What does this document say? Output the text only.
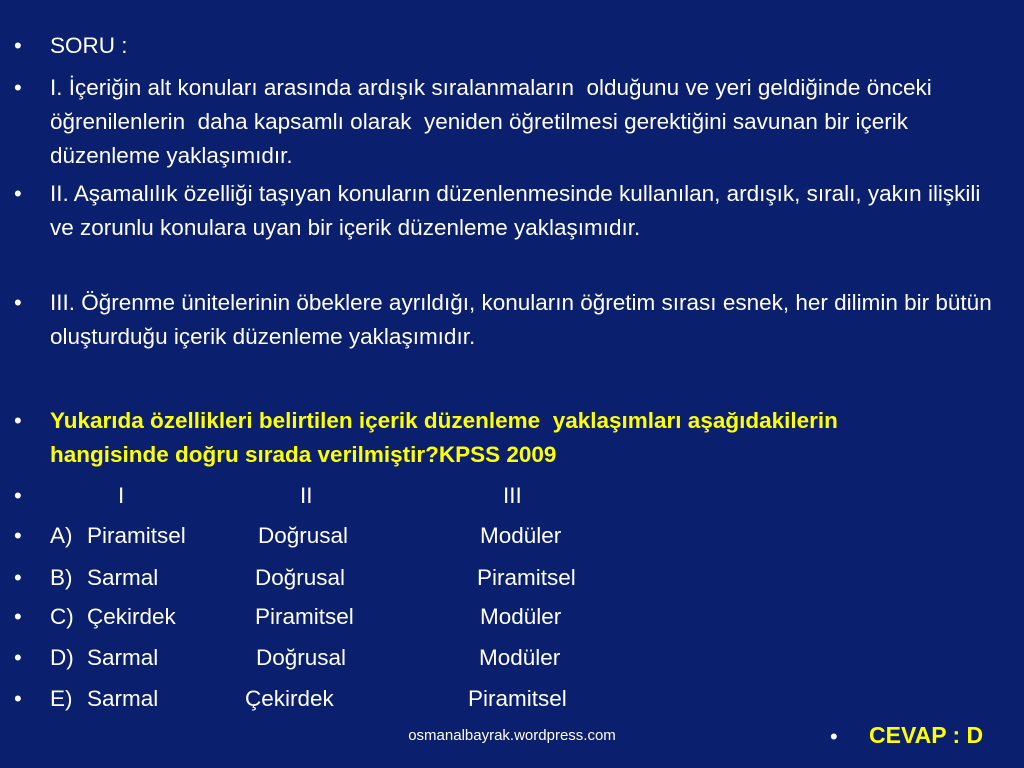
• SORU :
• I. İçeriğin alt konuları arasında ardışık sıralanmaların  olduğunu ve yeri geldiğinde önceki öğrenilenlerin  daha kapsamlı olarak  yeniden öğretilmesi gerektiğini savunan bir içerik düzenleme yaklaşımıdır.
• II. Aşamalılık özelliği taşıyan konuların düzenlenmesinde kullanılan, ardışık, sıralı, yakın ilişkili ve zorunlu konulara uyan bir içerik düzenleme yaklaşımıdır.
• III. Öğrenme ünitelerinin öbeklere ayrıldığı, konuların öğretim sırası esnek, her dilimin bir bütün oluşturduğu içerik düzenleme yaklaşımıdır.
• Yukarıda özellikleri belirtilen içerik düzenleme  yaklaşımları aşağıdakilerin hangisinde doğru sırada verilmiştir?KPSS 2009
•	I	II	III
• A) Piramitsel	Doğrusal	Modüler
• B) Sarmal	Doğrusal	Piramitsel
• C) Çekirdek	Piramitsel	Modüler
• D) Sarmal	Doğrusal	Modüler
• E) Sarmal	Çekirdek	Piramitsel
osmanalbayrak.wordpress.com	• CEVAP : D
